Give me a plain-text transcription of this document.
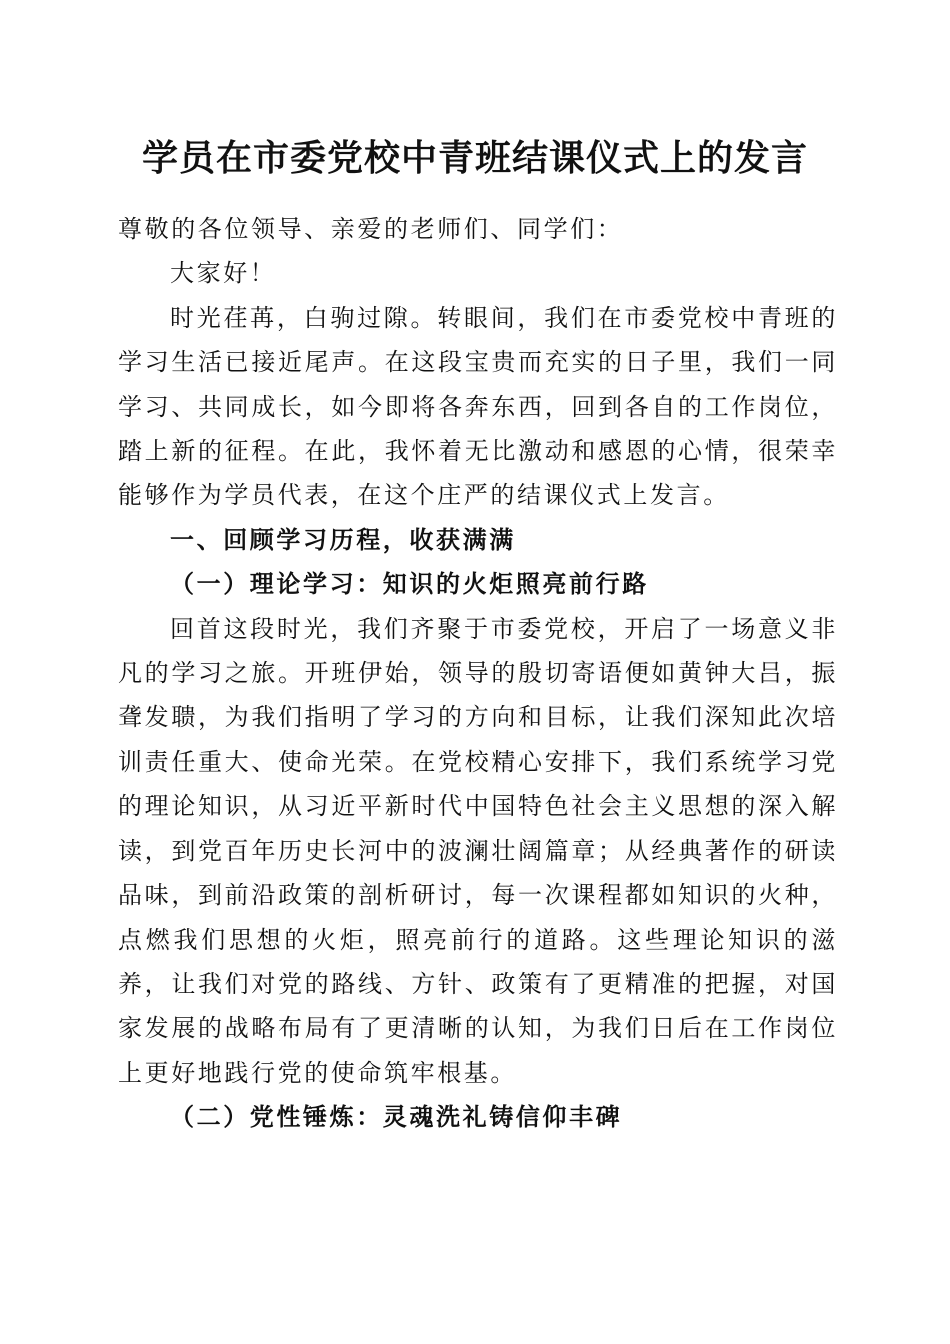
学员在市委党校中青班结课仪式上的发言

尊敬的各位领导、亲爱的老师们、同学们：

大家好！

时光荏苒，白驹过隙。转眼间，我们在市委党校中青班的学习生活已接近尾声。在这段宝贵而充实的日子里，我们一同学习、共同成长，如今即将各奔东西，回到各自的工作岗位，踏上新的征程。在此，我怀着无比激动和感恩的心情，很荣幸能够作为学员代表，在这个庄严的结课仪式上发言。

一、回顾学习历程，收获满满

（一）理论学习：知识的火炬照亮前行路

回首这段时光，我们齐聚于市委党校，开启了一场意义非凡的学习之旅。开班伊始，领导的殷切寄语便如黄钟大吕，振聋发聩，为我们指明了学习的方向和目标，让我们深知此次培训责任重大、使命光荣。在党校精心安排下，我们系统学习党的理论知识，从习近平新时代中国特色社会主义思想的深入解读，到党百年历史长河中的波澜壮阔篇章；从经典著作的研读品味，到前沿政策的剖析研讨，每一次课程都如知识的火种，点燃我们思想的火炬，照亮前行的道路。这些理论知识的滋养，让我们对党的路线、方针、政策有了更精准的把握，对国家发展的战略布局有了更清晰的认知，为我们日后在工作岗位上更好地践行党的使命筑牢根基。

（二）党性锤炼：灵魂洗礼铸信仰丰碑
